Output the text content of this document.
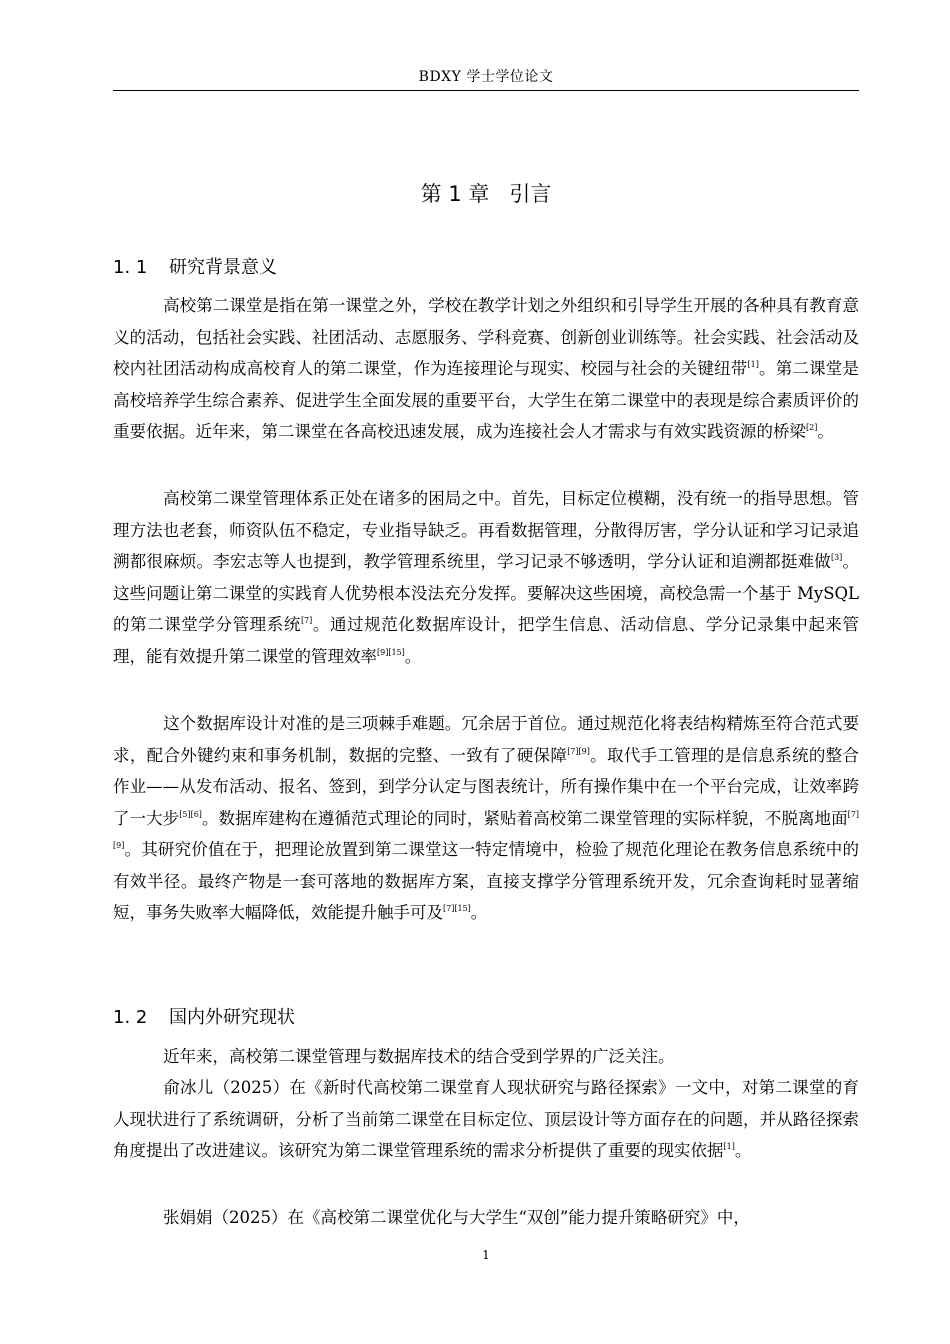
BDXY 学士学位论文
第 1 章 引言
1. 1 研究背景意义

高校第二课堂是指在第一课堂之外，学校在教学计划之外组织和引导学生开展的各种具有教育意义的活动，包括社会实践、社团活动、志愿服务、学科竞赛、创新创业训练等。社会实践、社会活动及校内社团活动构成高校育人的第二课堂，作为连接理论与现实、校园与社会的关键纽带[1]。第二课堂是高校培养学生综合素养、促进学生全面发展的重要平台，大学生在第二课堂中的表现是综合素质评价的重要依据。近年来，第二课堂在各高校迅速发展，成为连接社会人才需求与有效实践资源的桥梁[2]。

高校第二课堂管理体系正处在诸多的困局之中。首先，目标定位模糊，没有统一的指导思想。管理方法也老套，师资队伍不稳定，专业指导缺乏。再看数据管理，分散得厉害，学分认证和学习记录追溯都很麻烦。李宏志等人也提到，教学管理系统里，学习记录不够透明，学分认证和追溯都挺难做[3]。这些问题让第二课堂的实践育人优势根本没法充分发挥。要解决这些困境，高校急需一个基于 MySQL 的第二课堂学分管理系统[7]。通过规范化数据库设计，把学生信息、活动信息、学分记录集中起来管理，能有效提升第二课堂的管理效率[9][15]。

这个数据库设计对准的是三项棘手难题。冗余居于首位。通过规范化将表结构精炼至符合范式要求，配合外键约束和事务机制，数据的完整、一致有了硬保障[7][9]。取代手工管理的是信息系统的整合作业——从发布活动、报名、签到，到学分认定与图表统计，所有操作集中在一个平台完成，让效率跨了一大步[5][6]。数据库建构在遵循范式理论的同时，紧贴着高校第二课堂管理的实际样貌，不脱离地面[7][9]。其研究价值在于，把理论放置到第二课堂这一特定情境中，检验了规范化理论在教务信息系统中的有效半径。最终产物是一套可落地的数据库方案，直接支撑学分管理系统开发，冗余查询耗时显著缩短，事务失败率大幅降低，效能提升触手可及[7][15]。

1. 2 国内外研究现状

近年来，高校第二课堂管理与数据库技术的结合受到学界的广泛关注。

俞冰儿（2025）在《新时代高校第二课堂育人现状研究与路径探索》一文中，对第二课堂的育人现状进行了系统调研，分析了当前第二课堂在目标定位、顶层设计等方面存在的问题，并从路径探索角度提出了改进建议。该研究为第二课堂管理系统的需求分析提供了重要的现实依据[1]。

张娟娟（2025）在《高校第二课堂优化与大学生“双创”能力提升策略研究》中，

1
